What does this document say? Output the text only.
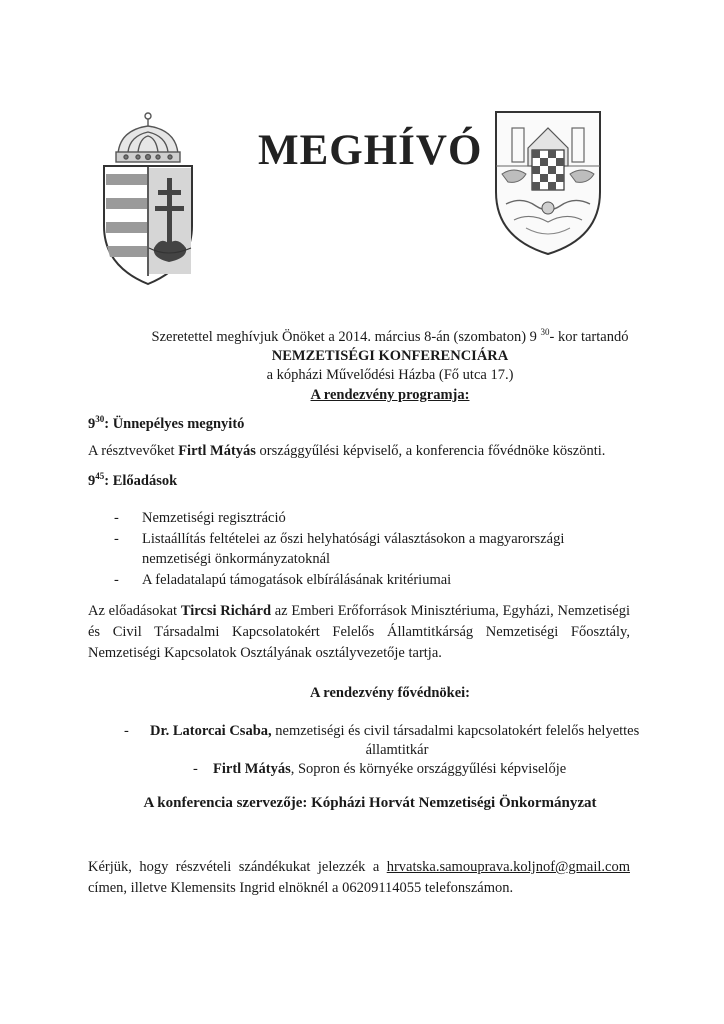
MEGHÍVÓ
Szeretettel meghívjuk Önöket a 2014. március 8-án (szombaton) 9 $^{30}$- kor tartandó
NEMZETISÉGI KONFERENCIÁRA
a kópházi Művelődési Házba (Fő utca 17.)
A rendezvény programja:
$9^{30}$: Ünnepélyes megnyitó
A résztvevőket Firtl Mátyás országgyűlési képviselő, a konferencia fővédnöke köszönti.
$9^{45}$: Előadások
- Nemzetiségi regisztráció
- Listaállítás feltételei az őszi helyhatósági választásokon a magyarországi nemzetiségi önkormányzatoknál
- A feladatalapú támogatások elbírálásának kritériumai
Az előadásokat Tircsi Richárd az Emberi Erőforrások Minisztériuma, Egyházi, Nemzetiségi és Civil Társadalmi Kapcsolatokért Felelős Államtitkárság Nemzetiségi Főosztály, Nemzetiségi Kapcsolatok Osztályának osztályvezetője tartja.
A rendezvény fővédnökei:
-	Dr. Latorcai Csaba, nemzetiségi és civil társadalmi kapcsolatokért felelős helyettes
államtitkár
-	Firtl Mátyás, Sopron és környéke országgyűlési képviselője
A konferencia szervezője: Kópházi Horvát Nemzetiségi Önkormányzat
Kérjük, hogy részvételi szándékukat jelezzék a hrvatska.samouprava.koljnof@gmail.com
címen, illetve Klemensits Ingrid elnöknél a 06209114055 telefonszámon.
